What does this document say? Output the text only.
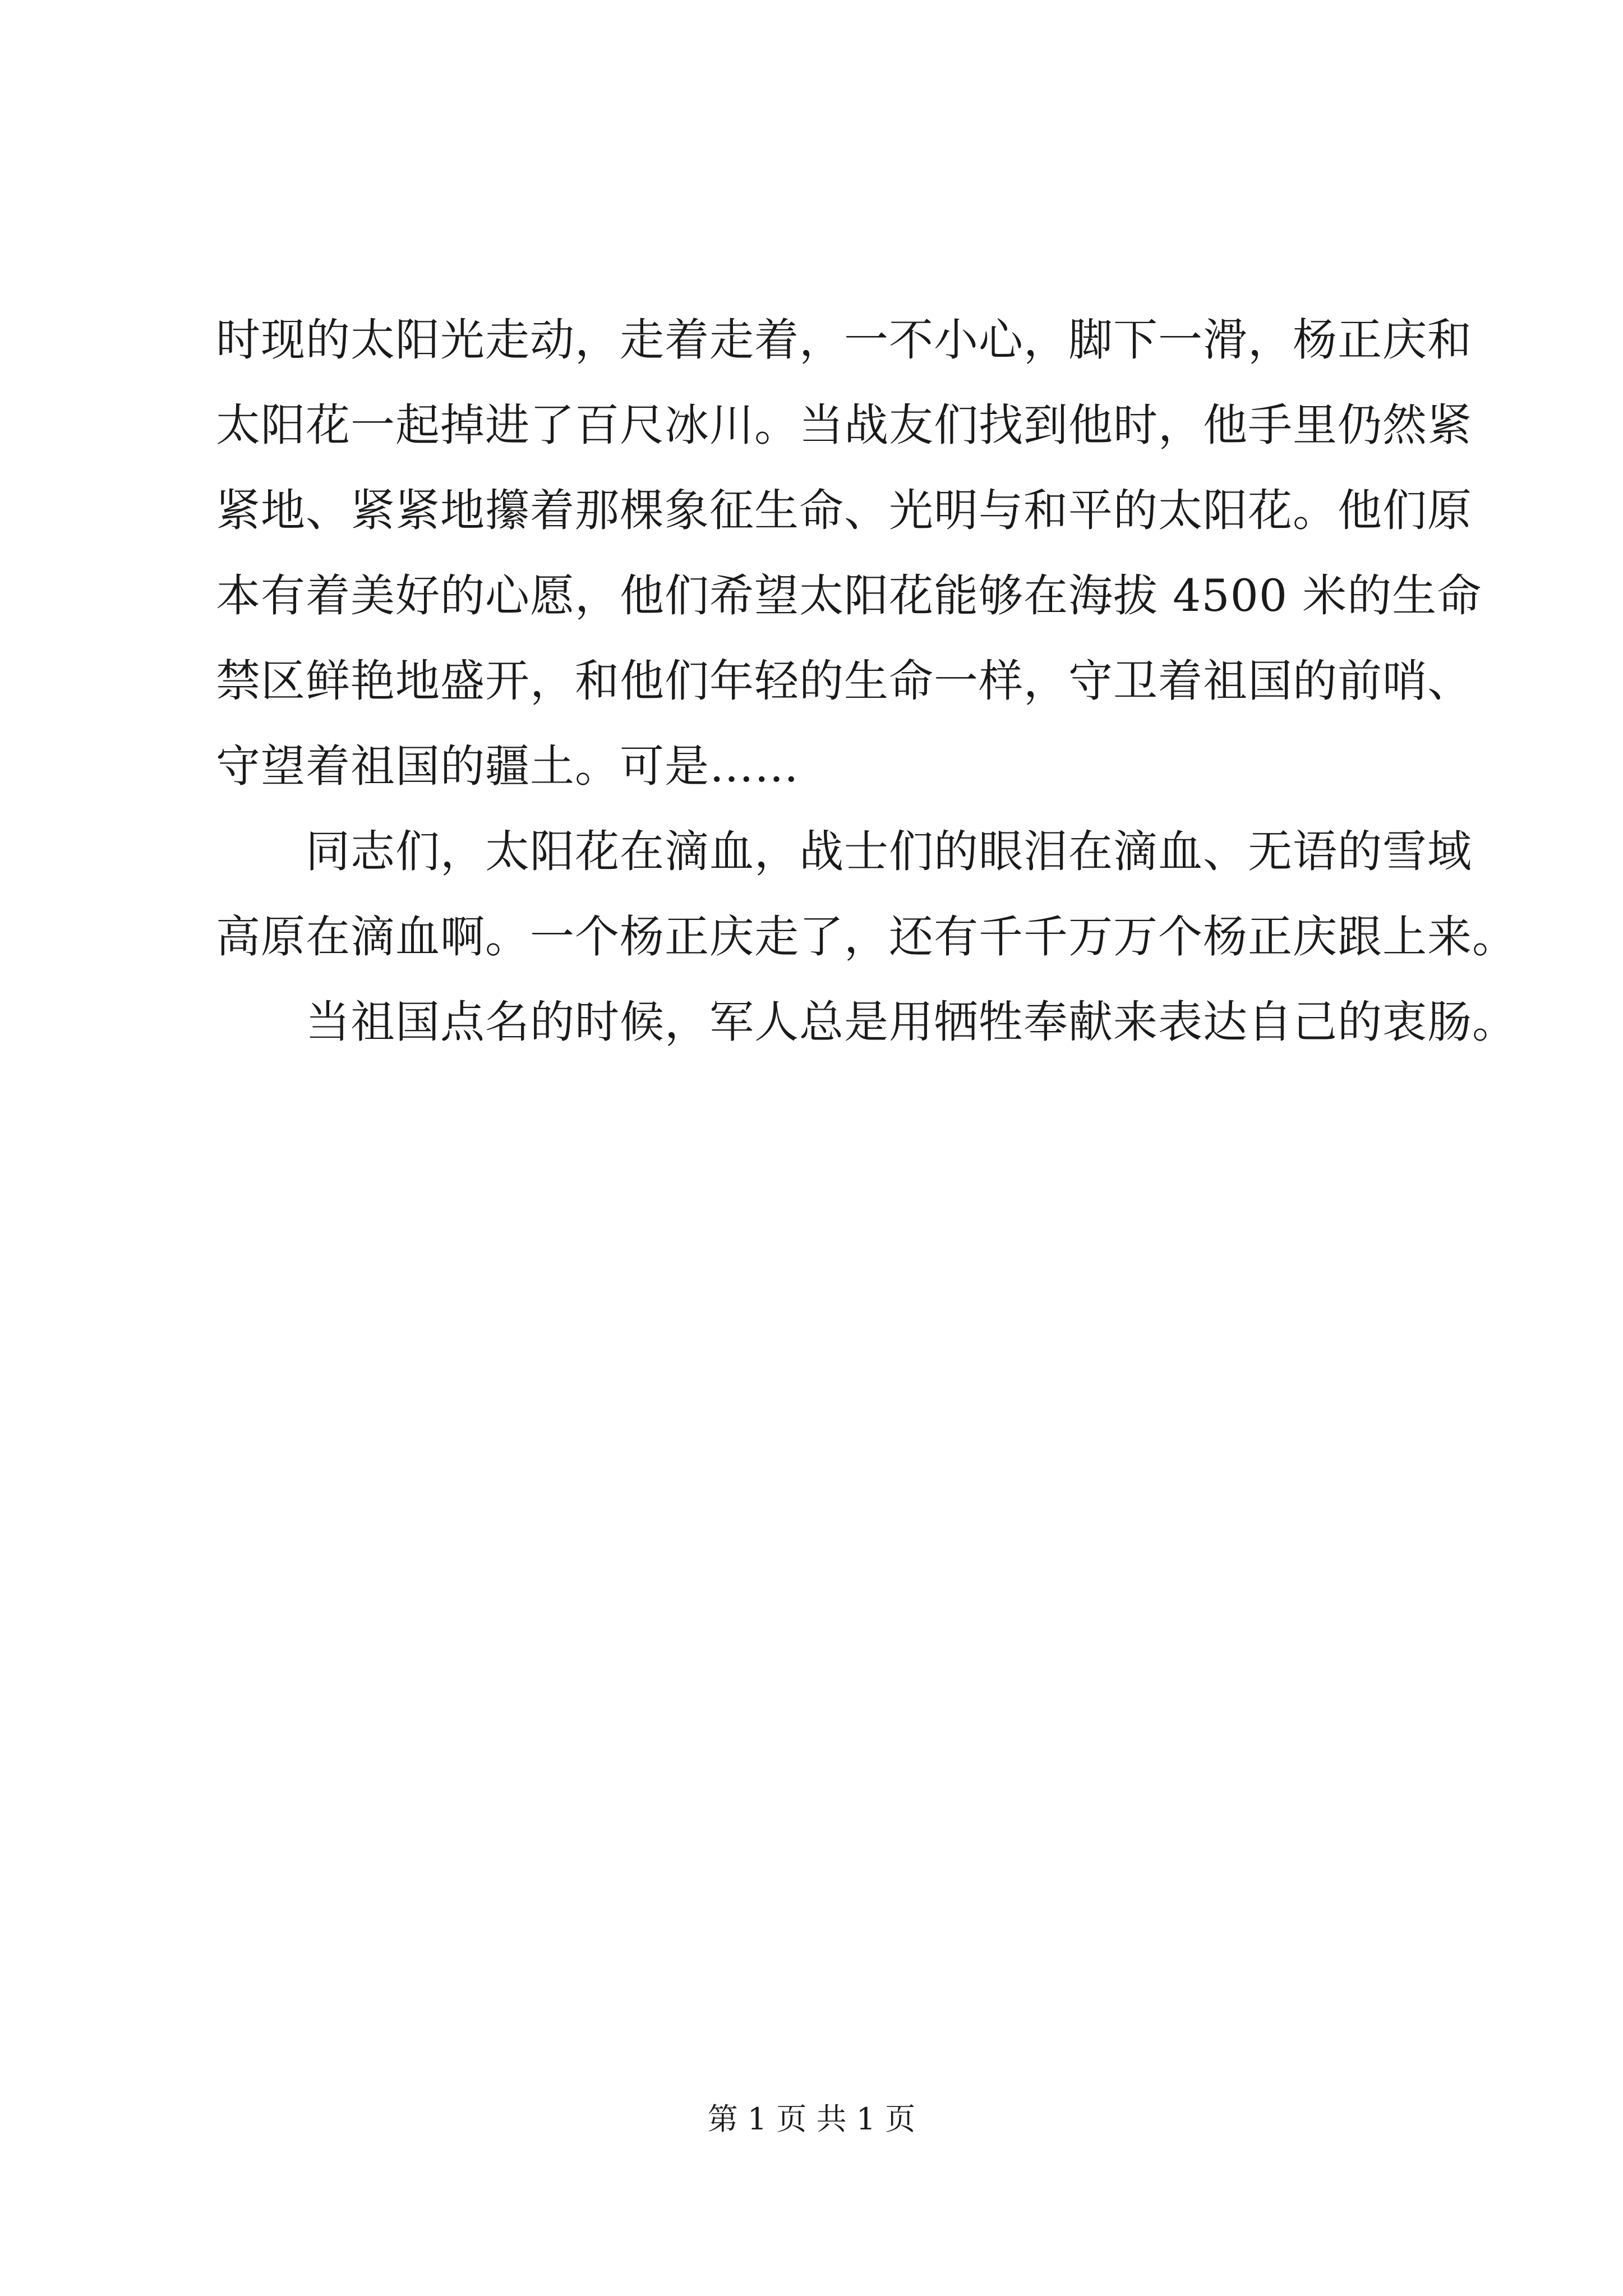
时现的太阳光走动，走着走着，一不小心，脚下一滑，杨正庆和
太阳花一起掉进了百尺冰川。当战友们找到他时，他手里仍然紧
紧地、紧紧地攥着那棵象征生命、光明与和平的太阳花。他们原
本有着美好的心愿，他们希望太阳花能够在海拔 4500 米的生命
禁区鲜艳地盛开，和他们年轻的生命一样，守卫着祖国的前哨、
守望着祖国的疆土。可是……
同志们，太阳花在滴血，战士们的眼泪在滴血、无语的雪域
高原在滴血啊。一个杨正庆走了，还有千千万万个杨正庆跟上来。
当祖国点名的时候，军人总是用牺牲奉献来表达自己的衷肠。
第 1 页 共 1 页
